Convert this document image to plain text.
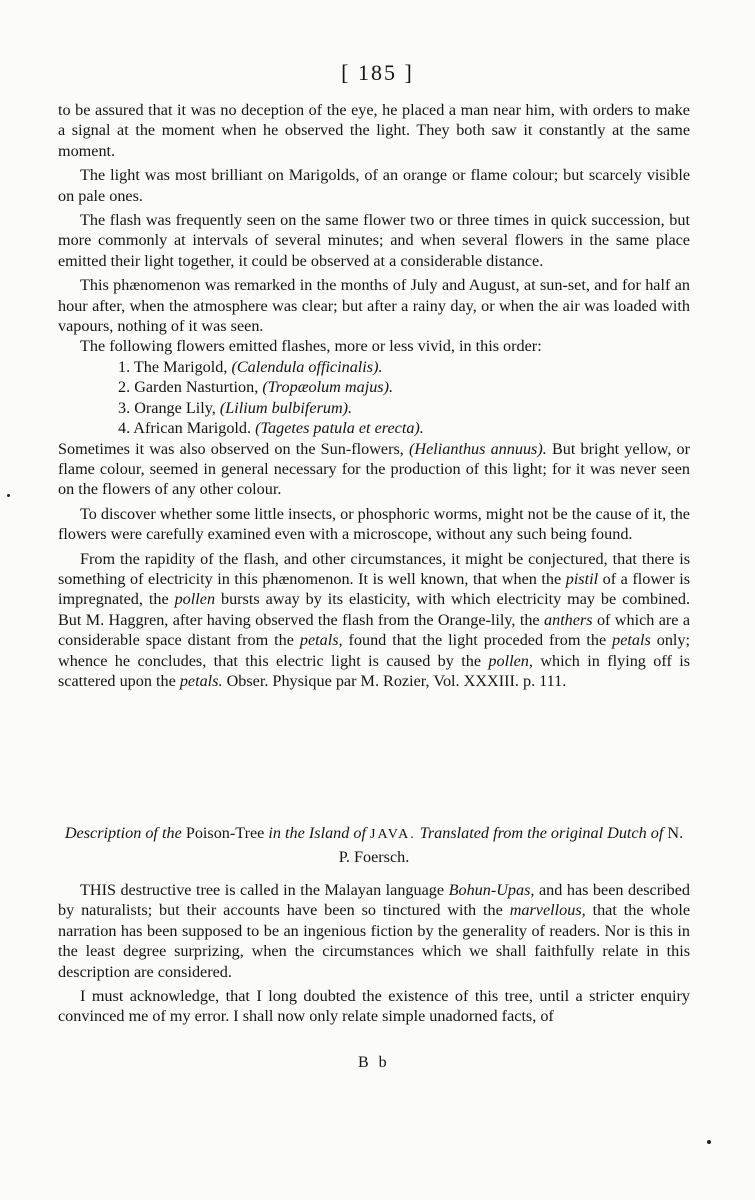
[ 185 ]

to be assured that it was no deception of the eye, he placed a man near him, with orders to make a signal at the moment when he observed the light. They both saw it constantly at the same moment.

The light was most brilliant on Marigolds, of an orange or flame colour; but scarcely visible on pale ones.

The flash was frequently seen on the same flower two or three times in quick succession, but more commonly at intervals of several minutes; and when several flowers in the same place emitted their light together, it could be observed at a considerable distance.

This phænomenon was remarked in the months of July and August, at sun-set, and for half an hour after, when the atmosphere was clear; but after a rainy day, or when the air was loaded with vapours, nothing of it was seen.

The following flowers emitted flashes, more or less vivid, in this order:

1. The Marigold, (Calendula officinalis).
2. Garden Nasturtion, (Tropæolum majus).
3. Orange Lily, (Lilium bulbiferum).
4. African Marigold. (Tagetes patula et erecta).

Sometimes it was also observed on the Sun-flowers, (Helianthus annuus). But bright yellow, or flame colour, seemed in general necessary for the production of this light; for it was never seen on the flowers of any other colour.

To discover whether some little insects, or phosphoric worms, might not be the cause of it, the flowers were carefully examined even with a microscope, without any such being found.

From the rapidity of the flash, and other circumstances, it might be conjectured, that there is something of electricity in this phænomenon. It is well known, that when the pistil of a flower is impregnated, the pollen bursts away by its elasticity, with which electricity may be combined. But M. Haggren, after having observed the flash from the Orange-lily, the anthers of which are a considerable space distant from the petals, found that the light proceded from the petals only; whence he concludes, that this electric light is caused by the pollen, which in flying off is scattered upon the petals. Obser. Physique par M. Rozier, Vol. XXXIII. p. 111.

Description of the Poison-Tree in the Island of JAVA. Translated from the original Dutch of N. P. Foersch.

THIS destructive tree is called in the Malayan language Bohun-Upas, and has been described by naturalists; but their accounts have been so tinctured with the marvellous, that the whole narration has been supposed to be an ingenious fiction by the generality of readers. Nor is this in the least degree surprizing, when the circumstances which we shall faithfully relate in this description are considered.

I must acknowledge, that I long doubted the existence of this tree, until a stricter enquiry convinced me of my error. I shall now only relate simple unadorned facts, of

B b
